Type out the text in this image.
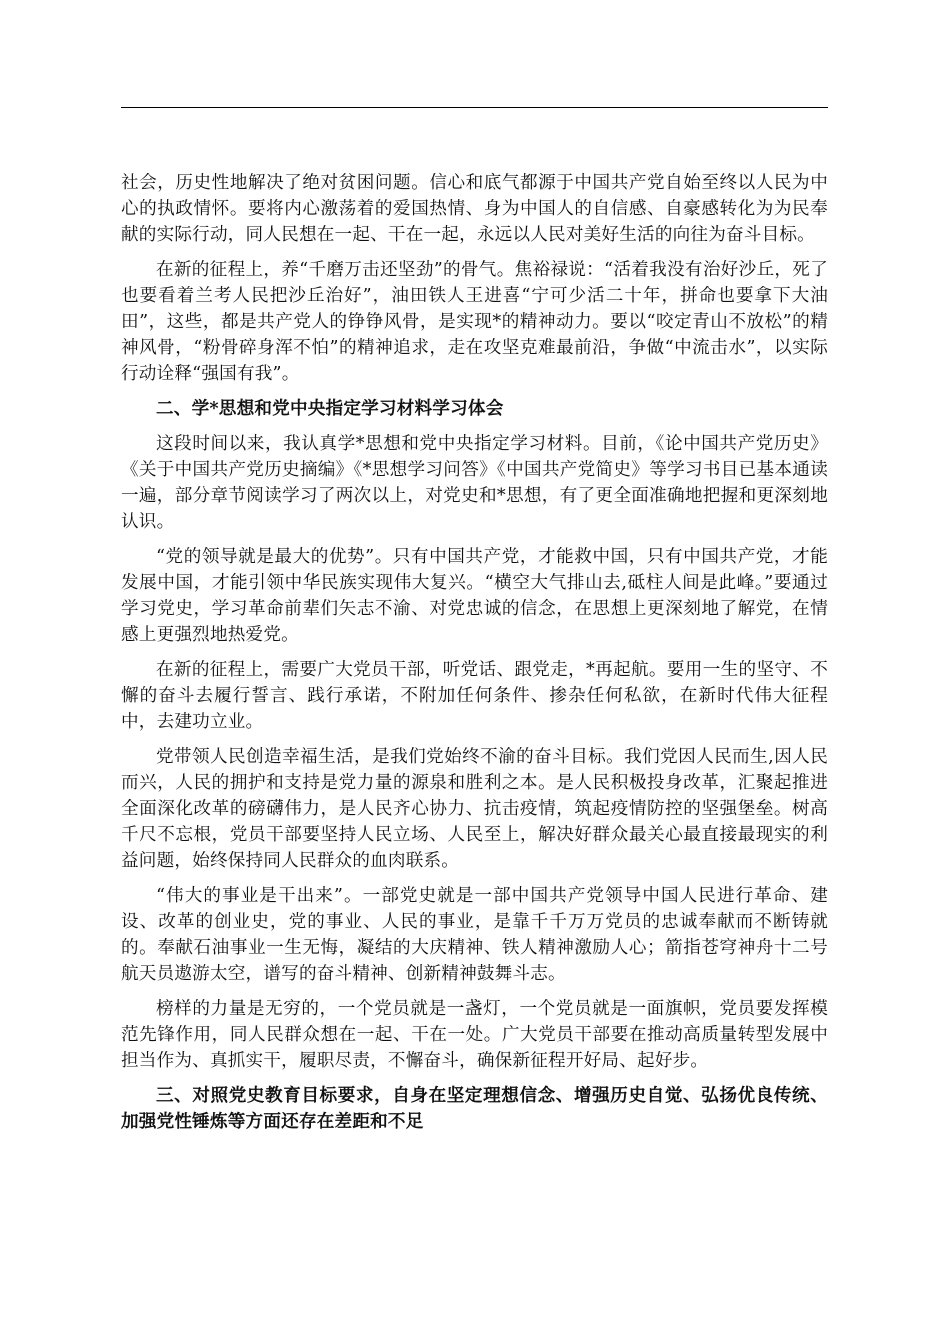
社会，历史性地解决了绝对贫困问题。信心和底气都源于中国共产党自始至终以人民为中心的执政情怀。要将内心激荡着的爱国热情、身为中国人的自信感、自豪感转化为为民奉献的实际行动，同人民想在一起、干在一起，永远以人民对美好生活的向往为奋斗目标。

在新的征程上，养“千磨万击还坚劲”的骨气。焦裕禄说：“活着我没有治好沙丘，死了也要看着兰考人民把沙丘治好”，油田铁人王进喜“宁可少活二十年，拼命也要拿下大油田”，这些，都是共产党人的铮铮风骨，是实现*的精神动力。要以“咬定青山不放松”的精神风骨，“粉骨碎身浑不怕”的精神追求，走在攻坚克难最前沿，争做“中流击水”，以实际行动诠释“强国有我”。

二、学*思想和党中央指定学习材料学习体会

这段时间以来，我认真学*思想和党中央指定学习材料。目前，《论中国共产党历史》《关于中国共产党历史摘编》《*思想学习问答》《中国共产党简史》等学习书目已基本通读一遍，部分章节阅读学习了两次以上，对党史和*思想，有了更全面准确地把握和更深刻地认识。

“党的领导就是最大的优势”。只有中国共产党，才能救中国，只有中国共产党，才能发展中国，才能引领中华民族实现伟大复兴。“横空大气排山去,砥柱人间是此峰。”要通过学习党史，学习革命前辈们矢志不渝、对党忠诚的信念，在思想上更深刻地了解党，在情感上更强烈地热爱党。

在新的征程上，需要广大党员干部，听党话、跟党走，*再起航。要用一生的坚守、不懈的奋斗去履行誓言、践行承诺，不附加任何条件、掺杂任何私欲，在新时代伟大征程中，去建功立业。

党带领人民创造幸福生活，是我们党始终不渝的奋斗目标。我们党因人民而生,因人民而兴，人民的拥护和支持是党力量的源泉和胜利之本。是人民积极投身改革，汇聚起推进全面深化改革的磅礴伟力，是人民齐心协力、抗击疫情，筑起疫情防控的坚强堡垒。树高千尺不忘根，党员干部要坚持人民立场、人民至上，解决好群众最关心最直接最现实的利益问题，始终保持同人民群众的血肉联系。

“伟大的事业是干出来”。一部党史就是一部中国共产党领导中国人民进行革命、建设、改革的创业史，党的事业、人民的事业，是靠千千万万党员的忠诚奉献而不断铸就的。奉献石油事业一生无悔，凝结的大庆精神、铁人精神激励人心；箭指苍穹神舟十二号航天员遨游太空，谱写的奋斗精神、创新精神鼓舞斗志。

榜样的力量是无穷的，一个党员就是一盏灯，一个党员就是一面旗帜，党员要发挥模范先锋作用，同人民群众想在一起、干在一处。广大党员干部要在推动高质量转型发展中担当作为、真抓实干，履职尽责，不懈奋斗，确保新征程开好局、起好步。

三、对照党史教育目标要求，自身在坚定理想信念、增强历史自觉、弘扬优良传统、加强党性锤炼等方面还存在差距和不足
